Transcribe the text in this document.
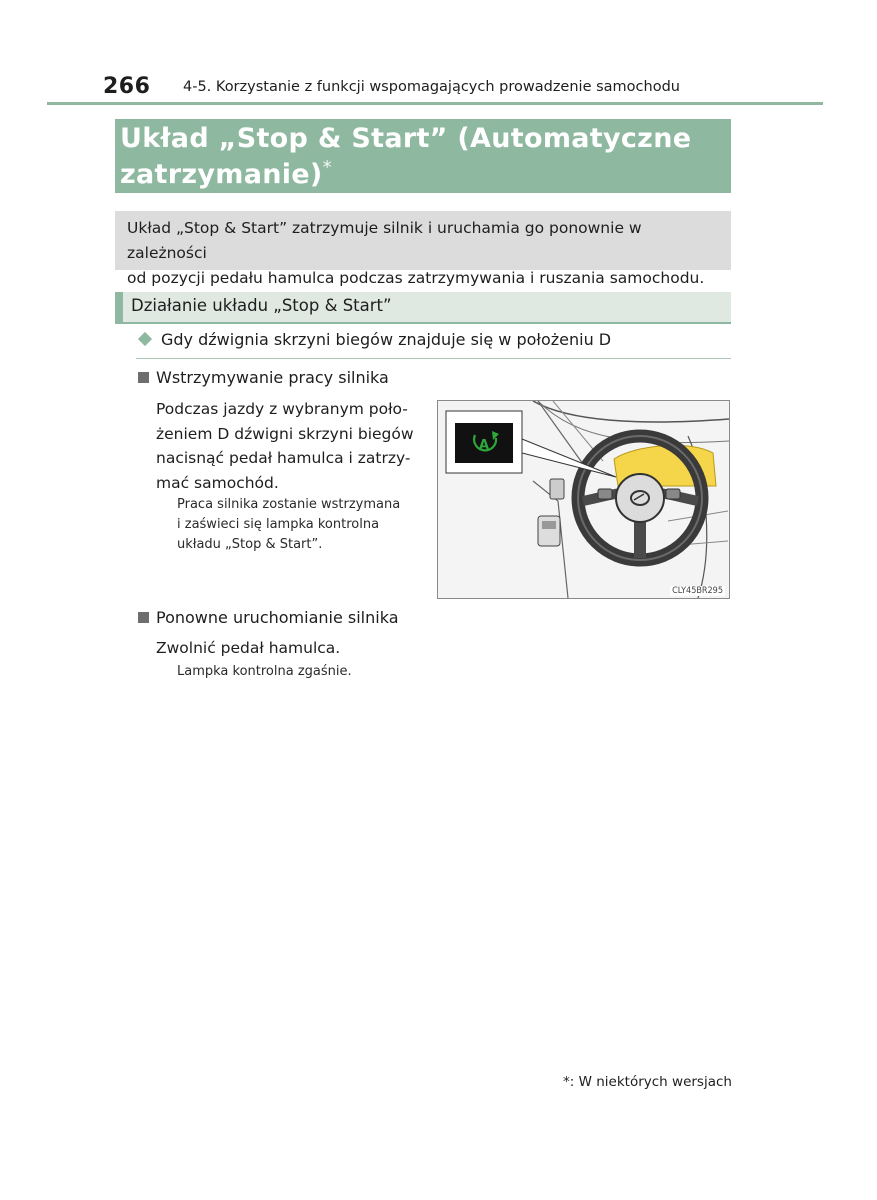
266 4-5. Korzystanie z funkcji wspomagających prowadzenie samochodu
Układ „Stop & Start” (Automatyczne
zatrzymanie)*
Układ „Stop & Start” zatrzymuje silnik i uruchamia go ponownie w zależności
od pozycji pedału hamulca podczas zatrzymywania i ruszania samochodu.
Działanie układu „Stop & Start”
Gdy dźwignia skrzyni biegów znajduje się w położeniu D
Wstrzymywanie pracy silnika
Podczas jazdy z wybranym poło-
żeniem D dźwigni skrzyni biegów
nacisnąć pedał hamulca i zatrzy-
mać samochód.
Praca silnika zostanie wstrzymana
i zaświeci się lampka kontrolna
układu „Stop & Start”.
A
CLY45BR295
Ponowne uruchomianie silnika
Zwolnić pedał hamulca.
Lampka kontrolna zgaśnie.
*: W niektórych wersjach
